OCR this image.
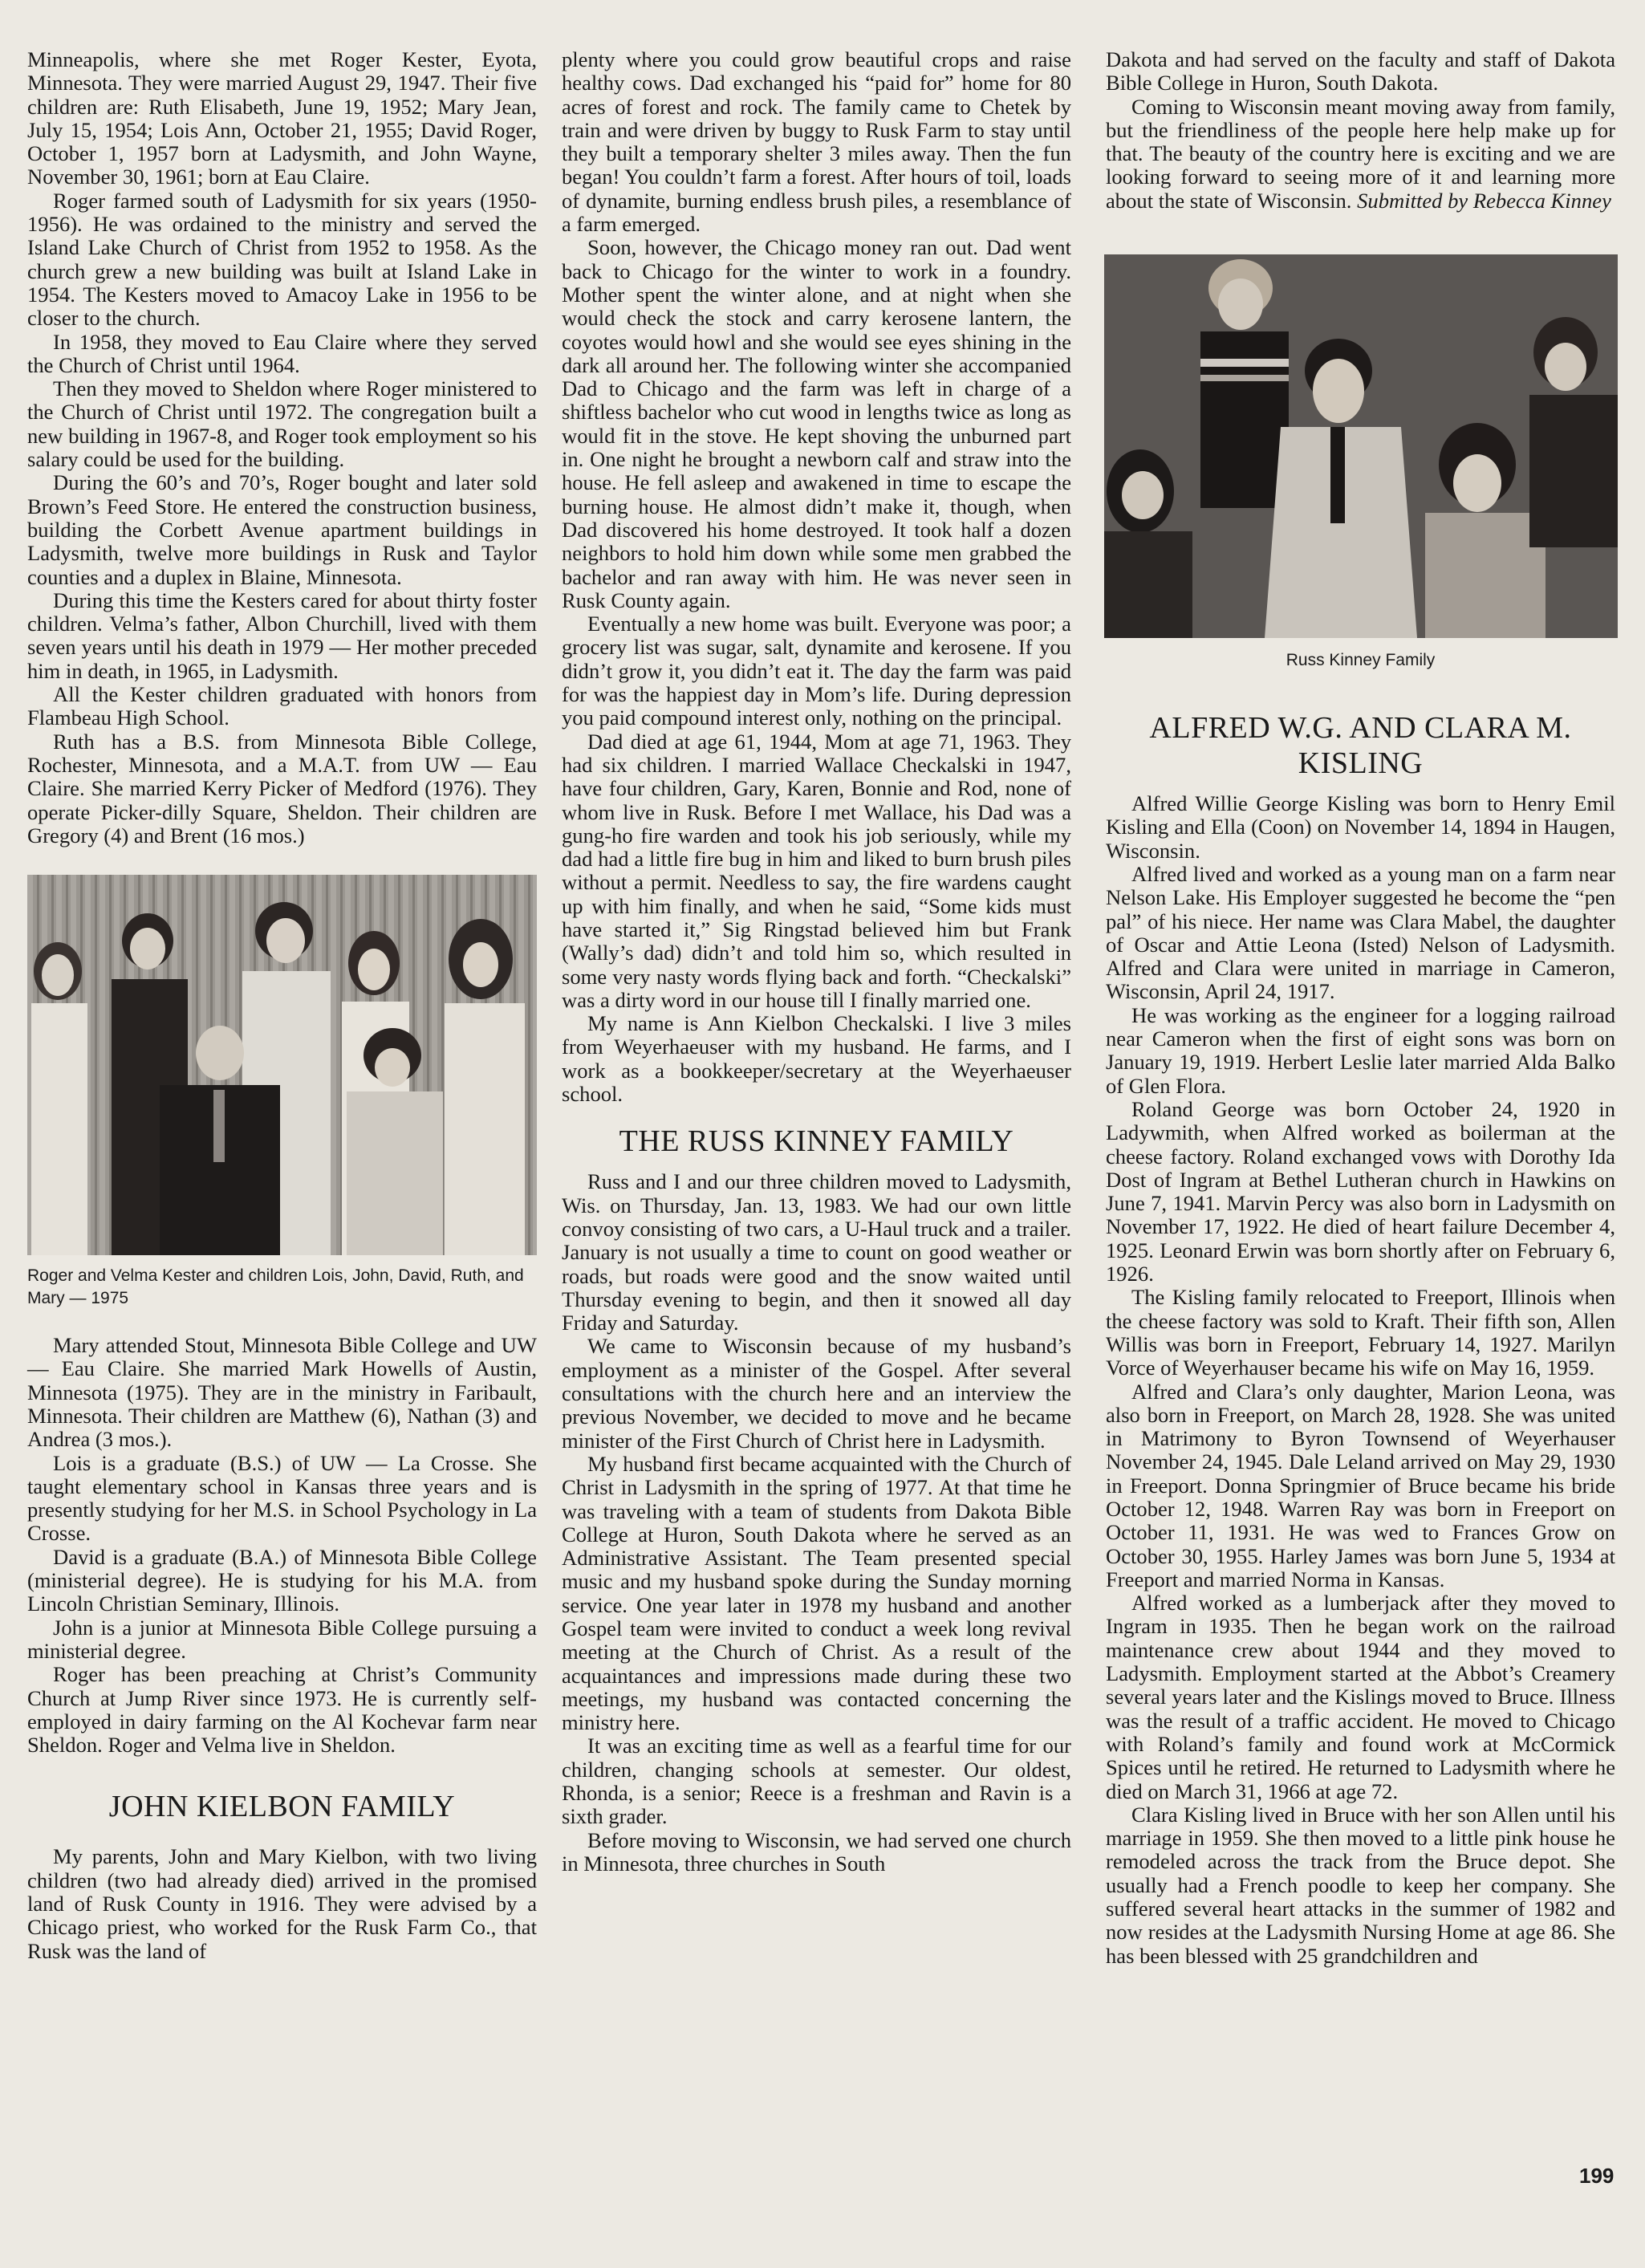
Minneapolis, where she met Roger Kester, Eyota, Minnesota. They were married August 29, 1947. Their five children are: Ruth Elisabeth, June 19, 1952; Mary Jean, July 15, 1954; Lois Ann, October 21, 1955; David Roger, October 1, 1957 born at Ladysmith, and John Wayne, November 30, 1961; born at Eau Claire.

Roger farmed south of Ladysmith for six years (1950-1956). He was ordained to the ministry and served the Island Lake Church of Christ from 1952 to 1958. As the church grew a new building was built at Island Lake in 1954. The Kesters moved to Amacoy Lake in 1956 to be closer to the church.

In 1958, they moved to Eau Claire where they served the Church of Christ until 1964.

Then they moved to Sheldon where Roger ministered to the Church of Christ until 1972. The congregation built a new building in 1967-8, and Roger took employment so his salary could be used for the building.

During the 60’s and 70’s, Roger bought and later sold Brown’s Feed Store. He entered the construction business, building the Corbett Avenue apartment buildings in Ladysmith, twelve more buildings in Rusk and Taylor counties and a duplex in Blaine, Minnesota.

During this time the Kesters cared for about thirty foster children. Velma’s father, Albon Churchill, lived with them seven years until his death in 1979 — Her mother preceded him in death, in 1965, in Ladysmith.

All the Kester children graduated with honors from Flambeau High School.

Ruth has a B.S. from Minnesota Bible College, Rochester, Minnesota, and a M.A.T. from UW — Eau Claire. She married Kerry Picker of Medford (1976). They operate Picker-dilly Square, Sheldon. Their children are Gregory (4) and Brent (16 mos.)

Roger and Velma Kester and children Lois, John, David, Ruth, and Mary — 1975

Mary attended Stout, Minnesota Bible College and UW — Eau Claire. She married Mark Howells of Austin, Minnesota (1975). They are in the ministry in Faribault, Minnesota. Their children are Matthew (6), Nathan (3) and Andrea (3 mos.).

Lois is a graduate (B.S.) of UW — La Crosse. She taught elementary school in Kansas three years and is presently studying for her M.S. in School Psychology in La Crosse.

David is a graduate (B.A.) of Minnesota Bible College (ministerial degree). He is studying for his M.A. from Lincoln Christian Seminary, Illinois.

John is a junior at Minnesota Bible College pursuing a ministerial degree.

Roger has been preaching at Christ’s Community Church at Jump River since 1973. He is currently self-employed in dairy farming on the Al Kochevar farm near Sheldon. Roger and Velma live in Sheldon.

JOHN KIELBON FAMILY

My parents, John and Mary Kielbon, with two living children (two had already died) arrived in the promised land of Rusk County in 1916. They were advised by a Chicago priest, who worked for the Rusk Farm Co., that Rusk was the land of

plenty where you could grow beautiful crops and raise healthy cows. Dad exchanged his “paid for” home for 80 acres of forest and rock. The family came to Chetek by train and were driven by buggy to Rusk Farm to stay until they built a temporary shelter 3 miles away. Then the fun began! You couldn’t farm a forest. After hours of toil, loads of dynamite, burning endless brush piles, a resemblance of a farm emerged.

Soon, however, the Chicago money ran out. Dad went back to Chicago for the winter to work in a foundry. Mother spent the winter alone, and at night when she would check the stock and carry kerosene lantern, the coyotes would howl and she would see eyes shining in the dark all around her. The following winter she accompanied Dad to Chicago and the farm was left in charge of a shiftless bachelor who cut wood in lengths twice as long as would fit in the stove. He kept shoving the unburned part in. One night he brought a newborn calf and straw into the house. He fell asleep and awakened in time to escape the burning house. He almost didn’t make it, though, when Dad discovered his home destroyed. It took half a dozen neighbors to hold him down while some men grabbed the bachelor and ran away with him. He was never seen in Rusk County again.

Eventually a new home was built. Everyone was poor; a grocery list was sugar, salt, dynamite and kerosene. If you didn’t grow it, you didn’t eat it. The day the farm was paid for was the happiest day in Mom’s life. During depression you paid compound interest only, nothing on the principal.

Dad died at age 61, 1944, Mom at age 71, 1963. They had six children. I married Wallace Checkalski in 1947, have four children, Gary, Karen, Bonnie and Rod, none of whom live in Rusk. Before I met Wallace, his Dad was a gung-ho fire warden and took his job seriously, while my dad had a little fire bug in him and liked to burn brush piles without a permit. Needless to say, the fire wardens caught up with him finally, and when he said, “Some kids must have started it,” Sig Ringstad believed him but Frank (Wally’s dad) didn’t and told him so, which resulted in some very nasty words flying back and forth. “Checkalski” was a dirty word in our house till I finally married one.

My name is Ann Kielbon Checkalski. I live 3 miles from Weyerhaeuser with my husband. He farms, and I work as a bookkeeper/secretary at the Weyerhaeuser school.

THE RUSS KINNEY FAMILY

Russ and I and our three children moved to Ladysmith, Wis. on Thursday, Jan. 13, 1983. We had our own little convoy consisting of two cars, a U-Haul truck and a trailer. January is not usually a time to count on good weather or roads, but roads were good and the snow waited until Thursday evening to begin, and then it snowed all day Friday and Saturday.

We came to Wisconsin because of my husband’s employment as a minister of the Gospel. After several consultations with the church here and an interview the previous November, we decided to move and he became minister of the First Church of Christ here in Ladysmith.

My husband first became acquainted with the Church of Christ in Ladysmith in the spring of 1977. At that time he was traveling with a team of students from Dakota Bible College at Huron, South Dakota where he served as an Administrative Assistant. The Team presented special music and my husband spoke during the Sunday morning service. One year later in 1978 my husband and another Gospel team were invited to conduct a week long revival meeting at the Church of Christ. As a result of the acquaintances and impressions made during these two meetings, my husband was contacted concerning the ministry here.

It was an exciting time as well as a fearful time for our children, changing schools at semester. Our oldest, Rhonda, is a senior; Reece is a freshman and Ravin is a sixth grader.

Before moving to Wisconsin, we had served one church in Minnesota, three churches in South

Dakota and had served on the faculty and staff of Dakota Bible College in Huron, South Dakota.

Coming to Wisconsin meant moving away from family, but the friendliness of the people here help make up for that. The beauty of the country here is exciting and we are looking forward to seeing more of it and learning more about the state of Wisconsin. Submitted by Rebecca Kinney

Russ Kinney Family

ALFRED W.G. AND CLARA M. KISLING

Alfred Willie George Kisling was born to Henry Emil Kisling and Ella (Coon) on November 14, 1894 in Haugen, Wisconsin.

Alfred lived and worked as a young man on a farm near Nelson Lake. His Employer suggested he become the “pen pal” of his niece. Her name was Clara Mabel, the daughter of Oscar and Attie Leona (Isted) Nelson of Ladysmith. Alfred and Clara were united in marriage in Cameron, Wisconsin, April 24, 1917.

He was working as the engineer for a logging railroad near Cameron when the first of eight sons was born on January 19, 1919. Herbert Leslie later married Alda Balko of Glen Flora.

Roland George was born October 24, 1920 in Ladywmith, when Alfred worked as boilerman at the cheese factory. Roland exchanged vows with Dorothy Ida Dost of Ingram at Bethel Lutheran church in Hawkins on June 7, 1941. Marvin Percy was also born in Ladysmith on November 17, 1922. He died of heart failure December 4, 1925. Leonard Erwin was born shortly after on February 6, 1926.

The Kisling family relocated to Freeport, Illinois when the cheese factory was sold to Kraft. Their fifth son, Allen Willis was born in Freeport, February 14, 1927. Marilyn Vorce of Weyerhauser became his wife on May 16, 1959.

Alfred and Clara’s only daughter, Marion Leona, was also born in Freeport, on March 28, 1928. She was united in Matrimony to Byron Townsend of Weyerhauser November 24, 1945. Dale Leland arrived on May 29, 1930 in Freeport. Donna Springmier of Bruce became his bride October 12, 1948. Warren Ray was born in Freeport on October 11, 1931. He was wed to Frances Grow on October 30, 1955. Harley James was born June 5, 1934 at Freeport and married Norma in Kansas.

Alfred worked as a lumberjack after they moved to Ingram in 1935. Then he began work on the railroad maintenance crew about 1944 and they moved to Ladysmith. Employment started at the Abbot’s Creamery several years later and the Kislings moved to Bruce. Illness was the result of a traffic accident. He moved to Chicago with Roland’s family and found work at McCormick Spices until he retired. He returned to Ladysmith where he died on March 31, 1966 at age 72.

Clara Kisling lived in Bruce with her son Allen until his marriage in 1959. She then moved to a little pink house he remodeled across the track from the Bruce depot. She usually had a French poodle to keep her company. She suffered several heart attacks in the summer of 1982 and now resides at the Ladysmith Nursing Home at age 86. She has been blessed with 25 grandchildren and

199
